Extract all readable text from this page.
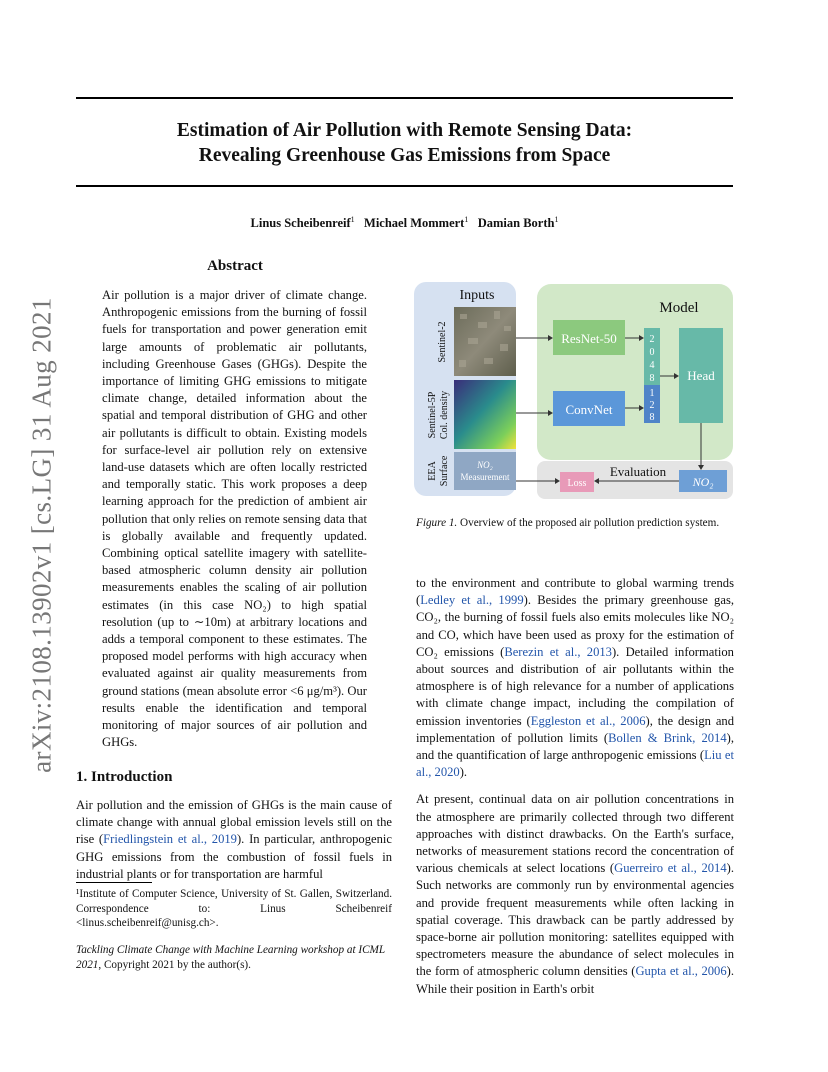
Estimation of Air Pollution with Remote Sensing Data:
Revealing Greenhouse Gas Emissions from Space
Linus Scheibenreif$^1$ Michael Mommert$^1$ Damian Borth$^1$
arXiv:2108.13902v1 [cs.LG] 31 Aug 2021
Abstract
Air pollution is a major driver of climate change. Anthropogenic emissions from the burning of fossil fuels for transportation and power generation emit large amounts of problematic air pollutants, including Greenhouse Gases (GHGs). Despite the importance of limiting GHG emissions to mitigate climate change, detailed information about the spatial and temporal distribution of GHG and other air pollutants is difficult to obtain. Existing models for surface-level air pollution rely on extensive land-use datasets which are often locally restricted and temporally static. This work proposes a deep learning approach for the prediction of ambient air pollution that only relies on remote sensing data that is globally available and frequently updated. Combining optical satellite imagery with satellite-based atmospheric column density air pollution measurements enables the scaling of air pollution estimates (in this case NO₂) to high spatial resolution (up to ∼10m) at arbitrary locations and adds a temporal component to these estimates. The proposed model performs with high accuracy when evaluated against air quality measurements from ground stations (mean absolute error <6 μg/m³). Our results enable the identification and temporal monitoring of major sources of air pollution and GHGs.
Inputs
Model
NO₂
Measurement
Sentinel-2
Sentinel-5P Col. density
EEA Surface
ResNet-50
ConvNet
2
0
4
8
1
2
8
Head
NO₂
Evaluation
Loss
Figure 1. Overview of the proposed air pollution prediction system.
1. Introduction

Air pollution and the emission of GHGs is the main cause of climate change with annual global emission levels still on the rise (Friedlingstein et al., 2019). In particular, anthropogenic GHG emissions from the combustion of fossil fuels in industrial plants or for transportation are harmful

¹Institute of Computer Science, University of St. Gallen, Switzerland. Correspondence to: Linus Scheibenreif <linus.scheibenreif@unisg.ch>.

Tackling Climate Change with Machine Learning workshop at ICML 2021, Copyright 2021 by the author(s).

to the environment and contribute to global warming trends (Ledley et al., 1999). Besides the primary greenhouse gas, CO₂, the burning of fossil fuels also emits molecules like NO₂ and CO, which have been used as proxy for the estimation of CO₂ emissions (Berezin et al., 2013). Detailed information about sources and distribution of air pollutants within the atmosphere is of high relevance for a number of applications with climate change impact, including the compilation of emission inventories (Eggleston et al., 2006), the design and implementation of pollution limits (Bollen & Brink, 2014), and the quantification of large anthropogenic emissions (Liu et al., 2020).

At present, continual data on air pollution concentrations in the atmosphere are primarily collected through two different approaches with distinct drawbacks. On the Earth's surface, networks of measurement stations record the concentration of various chemicals at select locations (Guerreiro et al., 2014). Such networks are commonly run by environmental agencies and provide frequent measurements while often lacking in spatial coverage. This drawback can be partly addressed by space-borne air pollution monitoring: satellites equipped with spectrometers measure the abundance of select molecules in the form of atmospheric column densities (Gupta et al., 2006). While their position in Earth's orbit
